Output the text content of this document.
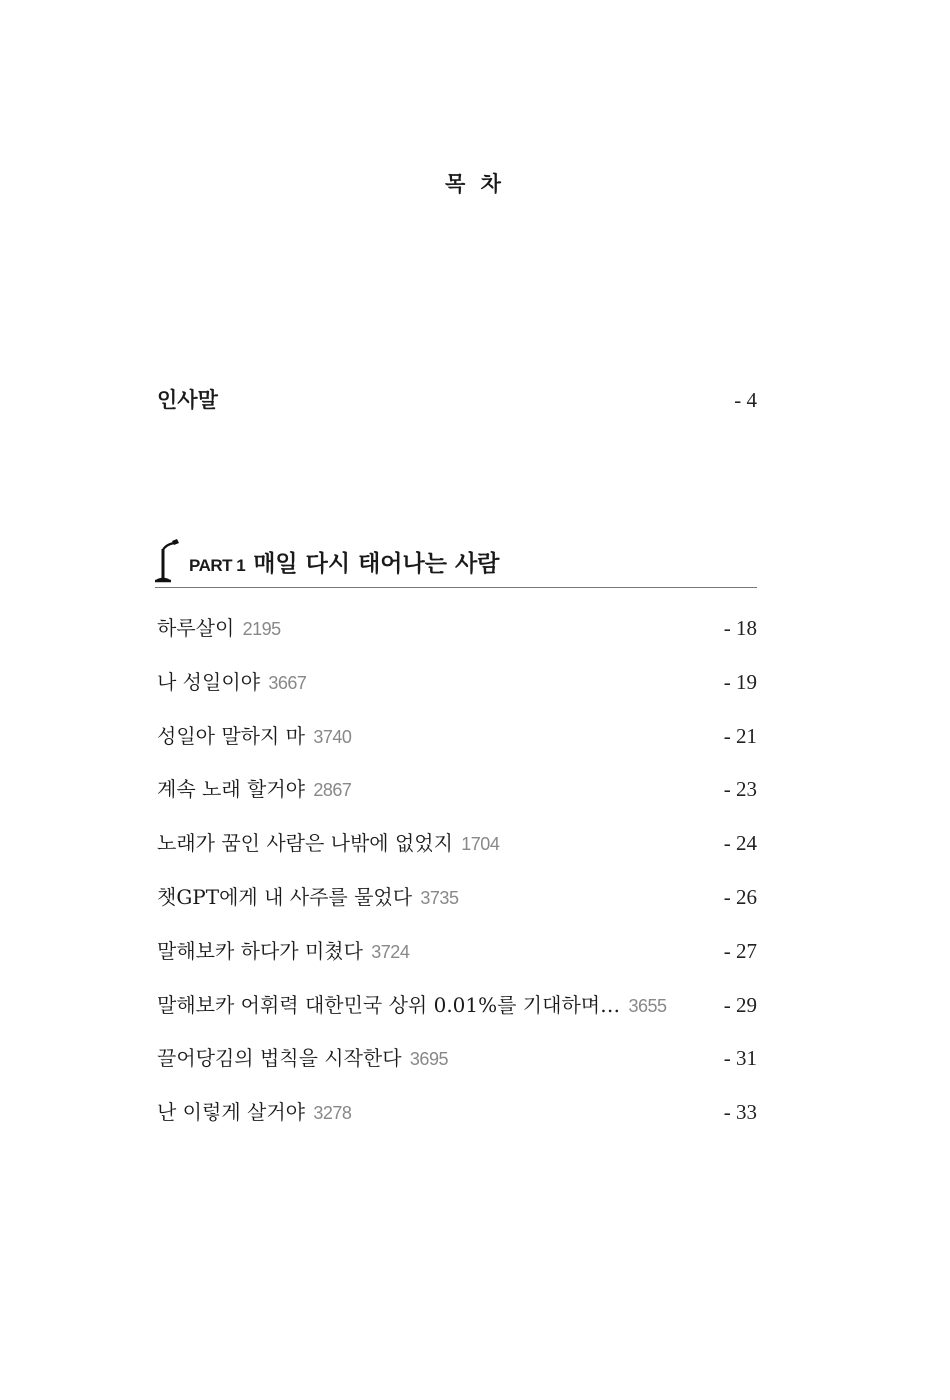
목 차
인사말	- 4
PART 1 매일 다시 태어나는 사람
하루살이 2195	- 18
나 성일이야 3667	- 19
성일아 말하지 마 3740	- 21
계속 노래 할거야 2867	- 23
노래가 꿈인 사람은 나밖에 없었지 1704	- 24
챗GPT에게 내 사주를 물었다 3735	- 26
말해보카 하다가 미쳤다 3724	- 27
말해보카 어휘력 대한민국 상위 0.01%를 기대하며… 3655	- 29
끌어당김의 법칙을 시작한다 3695	- 31
난 이렇게 살거야 3278	- 33
